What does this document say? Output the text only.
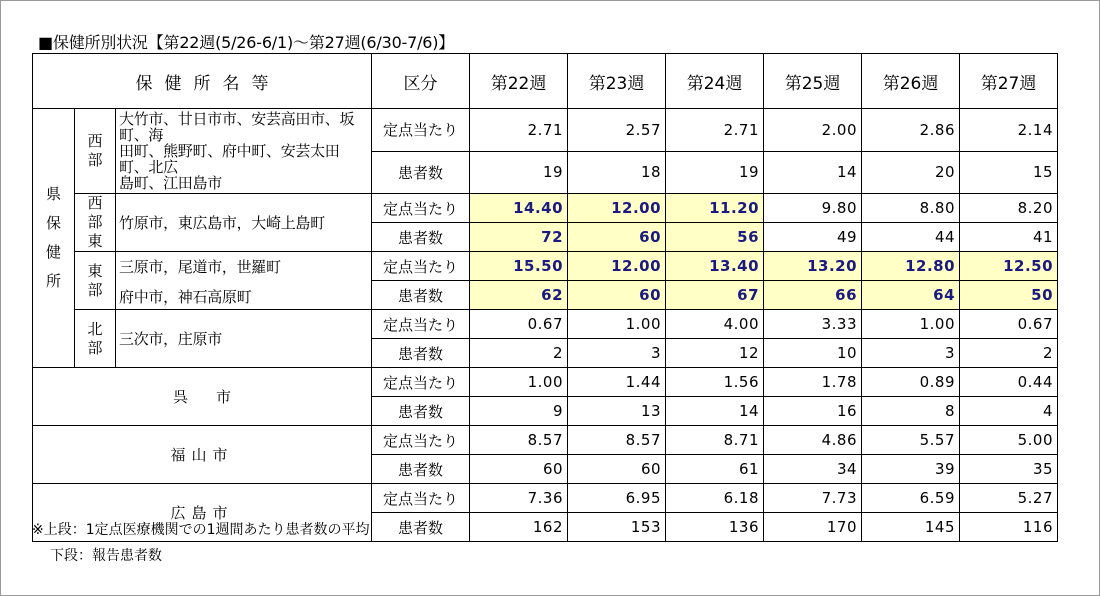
■保健所別状況【第22週(5/26-6/1)～第27週(6/30-7/6)】
保健所名等			区分	第22週	第23週	第24週	第25週	第26週	第27週

県
保
健
所	西
部	大竹市、廿日市市、安芸高田市、坂町、海
田町、熊野町、府中町、安芸太田町、北広
島町、江田島市	定点当たり	2.71	2.57	2.71	2.00	2.86	2.14
			患者数	19	18	19	14	20	15

	西
部
東	竹原市，東広島市，大崎上島町	定点当たり	14.40	12.00	11.20	9.80	8.80	8.20
			患者数	72	60	56	49	44	41

	東
部	三原市，尾道市，世羅町
府中市，神石高原町	定点当たり	15.50	12.00	13.40	13.20	12.80	12.50
			患者数	62	60	67	66	64	50

	北
部	三次市，庄原市	定点当たり	0.67	1.00	4.00	3.33	1.00	0.67
			患者数	2	3	12	10	3	2
呉市			定点当たり	1.00	1.44	1.56	1.78	0.89	0.44
			患者数	9	13	14	16	8	4
福山市			定点当たり	8.57	8.57	8.71	4.86	5.57	5.00
			患者数	60	60	61	34	39	35
広島市			定点当たり	7.36	6.95	6.18	7.73	6.59	5.27
			患者数	162	153	136	170	145	116
※上段：1定点医療機関での1週間あたり患者数の平均
下段：報告患者数
